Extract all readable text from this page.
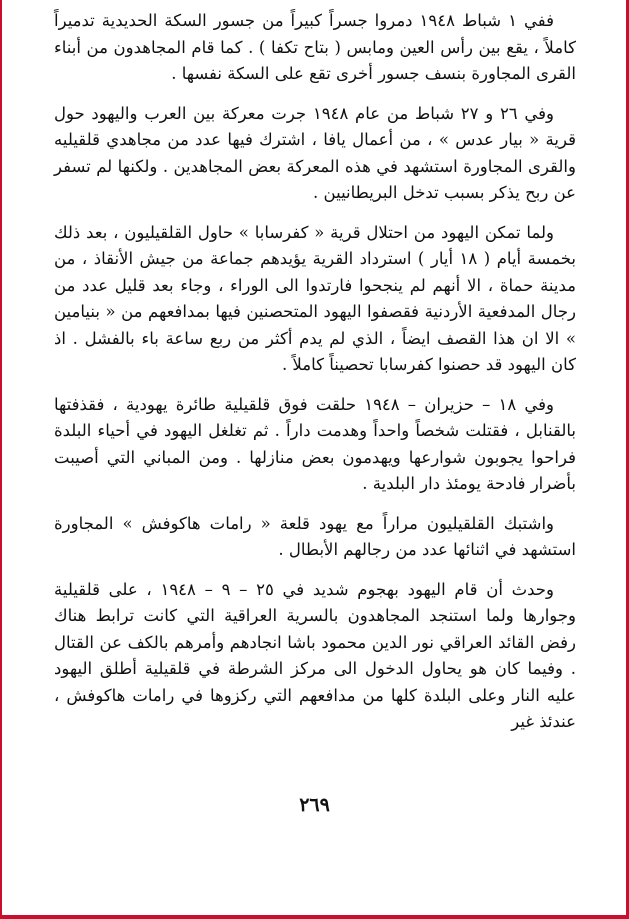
ففي ١ شباط ١٩٤٨ دمروا جسراً كبيراً من جسور السكة الحديدية تدميراً كاملاً ، يقع بين رأس العين ومابس ( بتاح تكفا ) . كما قام المجاهدون من أبناء القرى المجاورة بنسف جسور أخرى تقع على السكة نفسها .

وفي ٢٦ و ٢٧ شباط من عام ١٩٤٨ جرت معركة بين العرب واليهود حول قرية « بيار عدس » ، من أعمال يافا ، اشترك فيها عدد من مجاهدي قلقيليه والقرى المجاورة استشهد في هذه المعركة بعض المجاهدين . ولكنها لم تسفر عن ربح يذكر بسبب تدخل البريطانيين .

ولما تمكن اليهود من احتلال قرية « كفرسابا » حاول القلقيليون ، بعد ذلك بخمسة أيام ( ١٨ أيار ) استرداد القرية يؤيدهم جماعة من جيش الأنقاذ ، من مدينة حماة ، الا أنهم لم ينجحوا فارتدوا الى الوراء ، وجاء بعد قليل عدد من رجال المدفعية الأردنية فقصفوا اليهود المتحصنين فيها بمدافعهم من « بنيامين » الا ان هذا القصف ايضاً ، الذي لم يدم أكثر من ربع ساعة باء بالفشل . اذ كان اليهود قد حصنوا كفرسابا تحصيناً كاملاً .

وفي ١٨ – حزيران – ١٩٤٨ حلقت فوق قلقيلية طائرة يهودية ، فقذفتها بالقنابل ، فقتلت شخصاً واحداً وهدمت داراً . ثم تغلغل اليهود في أحياء البلدة فراحوا يجوبون شوارعها ويهدمون بعض منازلها . ومن المباني التي أصيبت بأضرار فادحة يومئذ دار البلدية .

واشتبك القلقيليون مراراً مع يهود قلعة « رامات هاكوفش » المجاورة استشهد في اثنائها عدد من رجالهم الأبطال .

وحدث أن قام اليهود بهجوم شديد في ٢٥ – ٩ – ١٩٤٨ ، على قلقيلية وجوارها ولما استنجد المجاهدون بالسرية العراقية التي كانت ترابط هناك رفض القائد العراقي نور الدين محمود باشا انجادهم وأمرهم بالكف عن القتال . وفيما كان هو يحاول الدخول الى مركز الشرطة في قلقيلية أطلق اليهود عليه النار وعلى البلدة كلها من مدافعهم التي ركزوها في رامات هاكوفش ، عندئذ غير

٢٦٩
